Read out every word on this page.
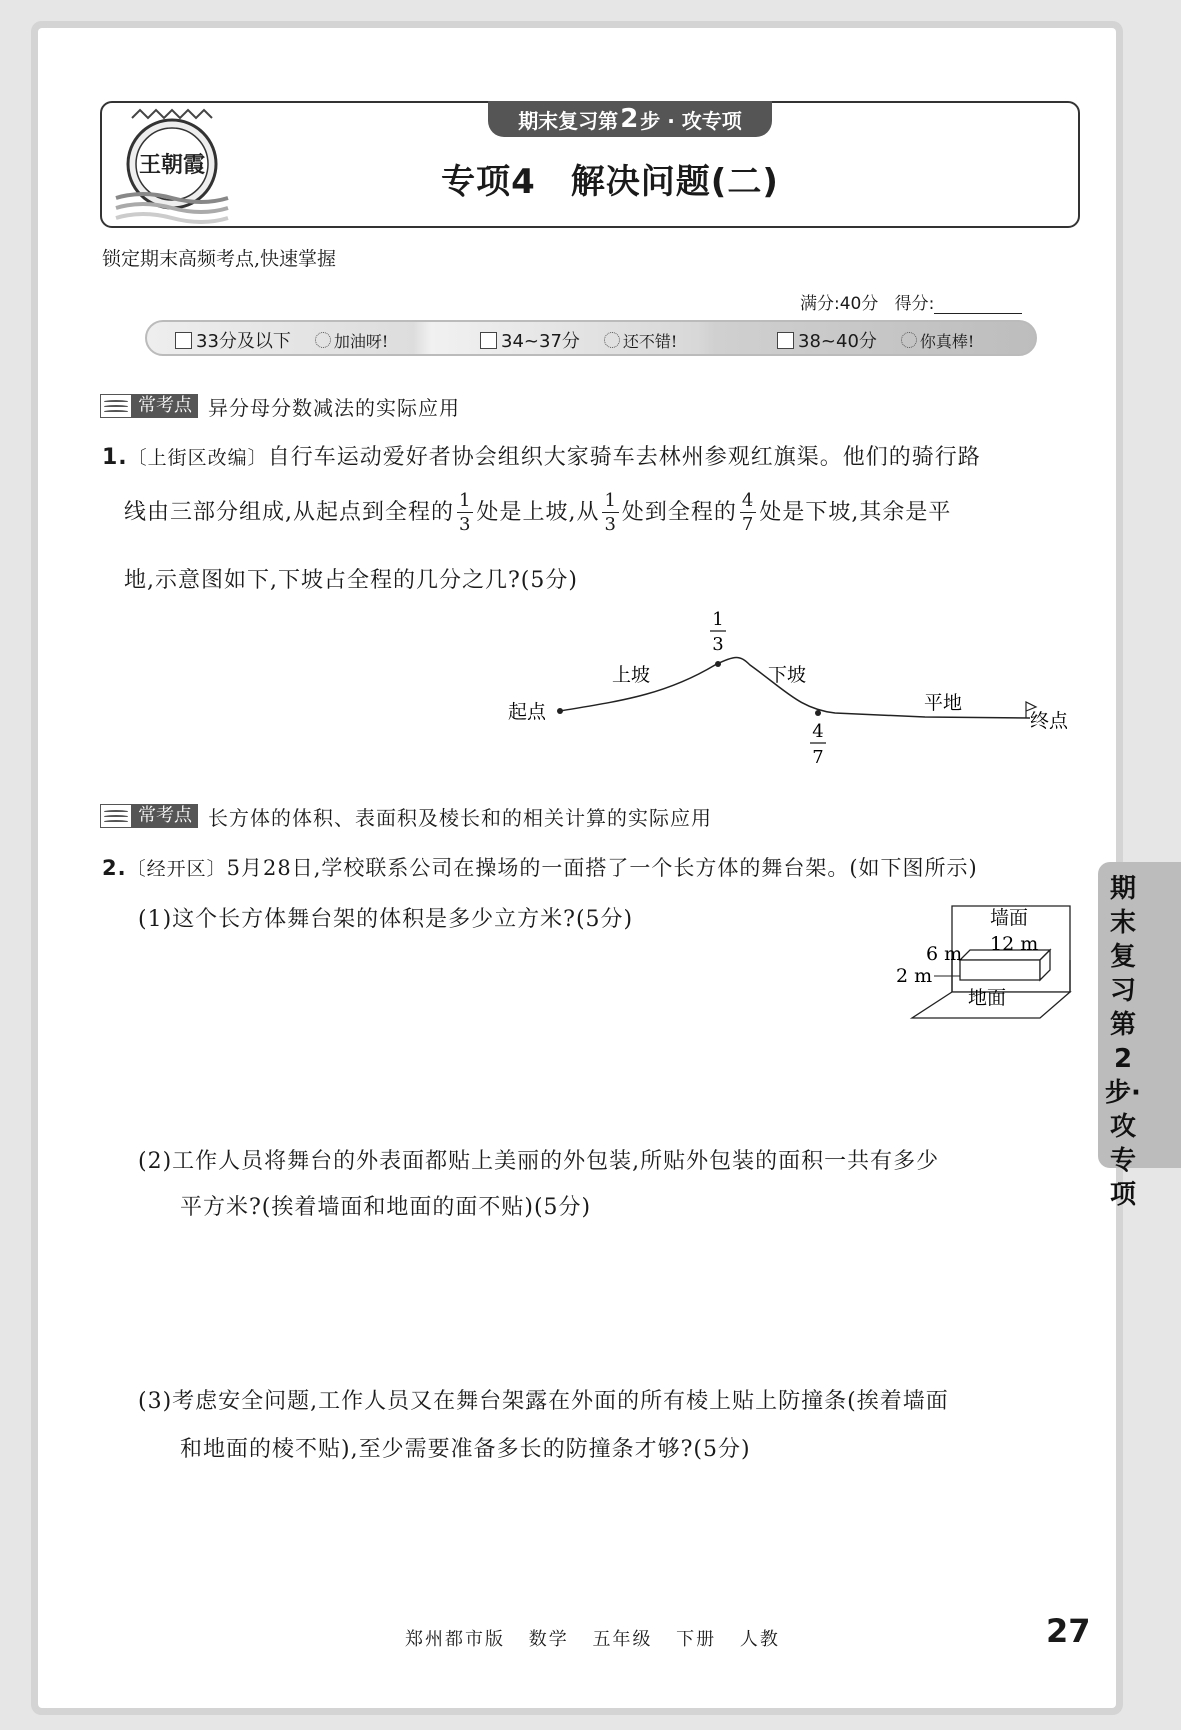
王朝霞
期末复习第 2 步 · 攻专项
专项4　解决问题(二)
锁定期末高频考点,快速掌握
满分:40分 得分:
33分及以下	加油呀!	34~37分	还不错!	38~40分	你真棒!
常考点 异分母分数减法的实际应用
1.〔上街区改编〕自行车运动爱好者协会组织大家骑车去林州参观红旗渠。他们的骑行路
线由三部分组成,从起点到全程的 $\frac{1}{3}$ 处是上坡,从 $\frac{1}{3}$ 处到全程的 $\frac{4}{7}$ 处是下坡,其余是平
地,示意图如下,下坡占全程的几分之几?(5分)
起点
上坡	下坡
平地
终点
1
3
4
7
常考点 长方体的体积、表面积及棱长和的相关计算的实际应用
2.〔经开区〕5月28日,学校联系公司在操场的一面搭了一个长方体的舞台架。(如下图所示)
(1)这个长方体舞台架的体积是多少立方米?(5分)	墙面
12 m
6 m
2 m
地面
(2)工作人员将舞台的外表面都贴上美丽的外包装,所贴外包装的面积一共有多少
平方米?(挨着墙面和地面的面不贴)(5分)
(3)考虑安全问题,工作人员又在舞台架露在外面的所有棱上贴上防撞条(挨着墙面
和地面的棱不贴),至少需要准备多长的防撞条才够?(5分)
期末复习第2步·攻专项
郑州都市版 数学 五年级 下册 人教	27
